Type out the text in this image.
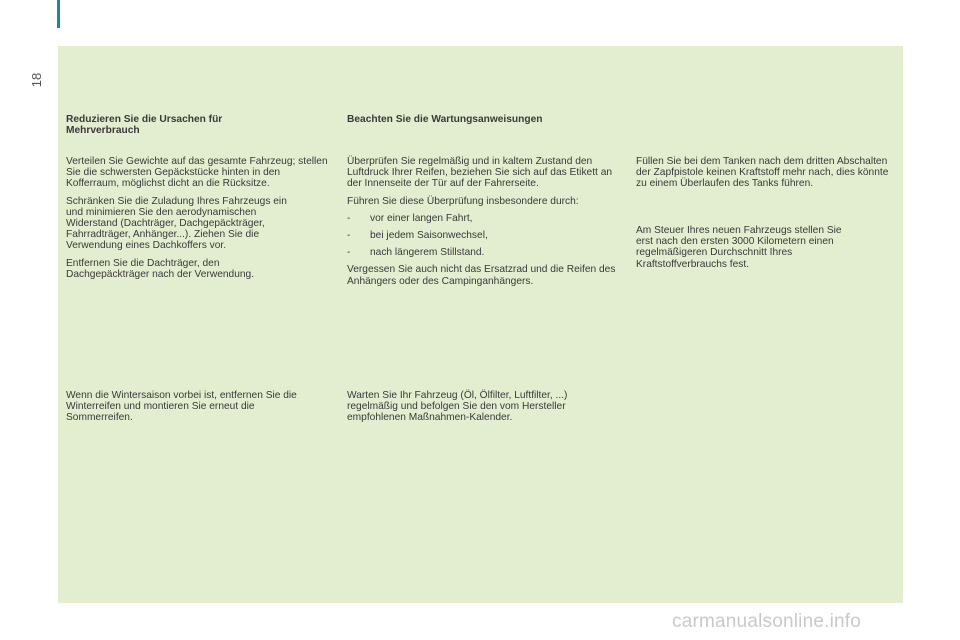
18

Reduzieren Sie die Ursachen für Mehrverbrauch

Verteilen Sie Gewichte auf das gesamte Fahrzeug; stellen Sie die schwersten Gepäckstücke hinten in den Kofferraum, möglichst dicht an die Rücksitze.

Schränken Sie die Zuladung Ihres Fahrzeugs ein und minimieren Sie den aerodynamischen Widerstand (Dachträger, Dachgepäckträger, Fahrradträger, Anhänger...). Ziehen Sie die Verwendung eines Dachkoffers vor.

Entfernen Sie die Dachträger, den Dachgepäckträger nach der Verwendung.

Wenn die Wintersaison vorbei ist, entfernen Sie die Winterreifen und montieren Sie erneut die Sommerreifen.

Beachten Sie die Wartungsanweisungen

Überprüfen Sie regelmäßig und in kaltem Zustand den Luftdruck Ihrer Reifen, beziehen Sie sich auf das Etikett an der Innenseite der Tür auf der Fahrerseite.

Führen Sie diese Überprüfung insbesondere durch:

-	vor einer langen Fahrt,
-	bei jedem Saisonwechsel,
-	nach längerem Stillstand.

Vergessen Sie auch nicht das Ersatzrad und die Reifen des Anhängers oder des Campinganhängers.

Warten Sie Ihr Fahrzeug (Öl, Ölfilter, Luftfilter, ...) regelmäßig und befolgen Sie den vom Hersteller empfohlenen Maßnahmen-Kalender.

Füllen Sie bei dem Tanken nach dem dritten Abschalten der Zapfpistole keinen Kraftstoff mehr nach, dies könnte zu einem Überlaufen des Tanks führen.

Am Steuer Ihres neuen Fahrzeugs stellen Sie erst nach den ersten 3000 Kilometern einen regelmäßigeren Durchschnitt Ihres Kraftstoffverbrauchs fest.

carmanualsonline.info
